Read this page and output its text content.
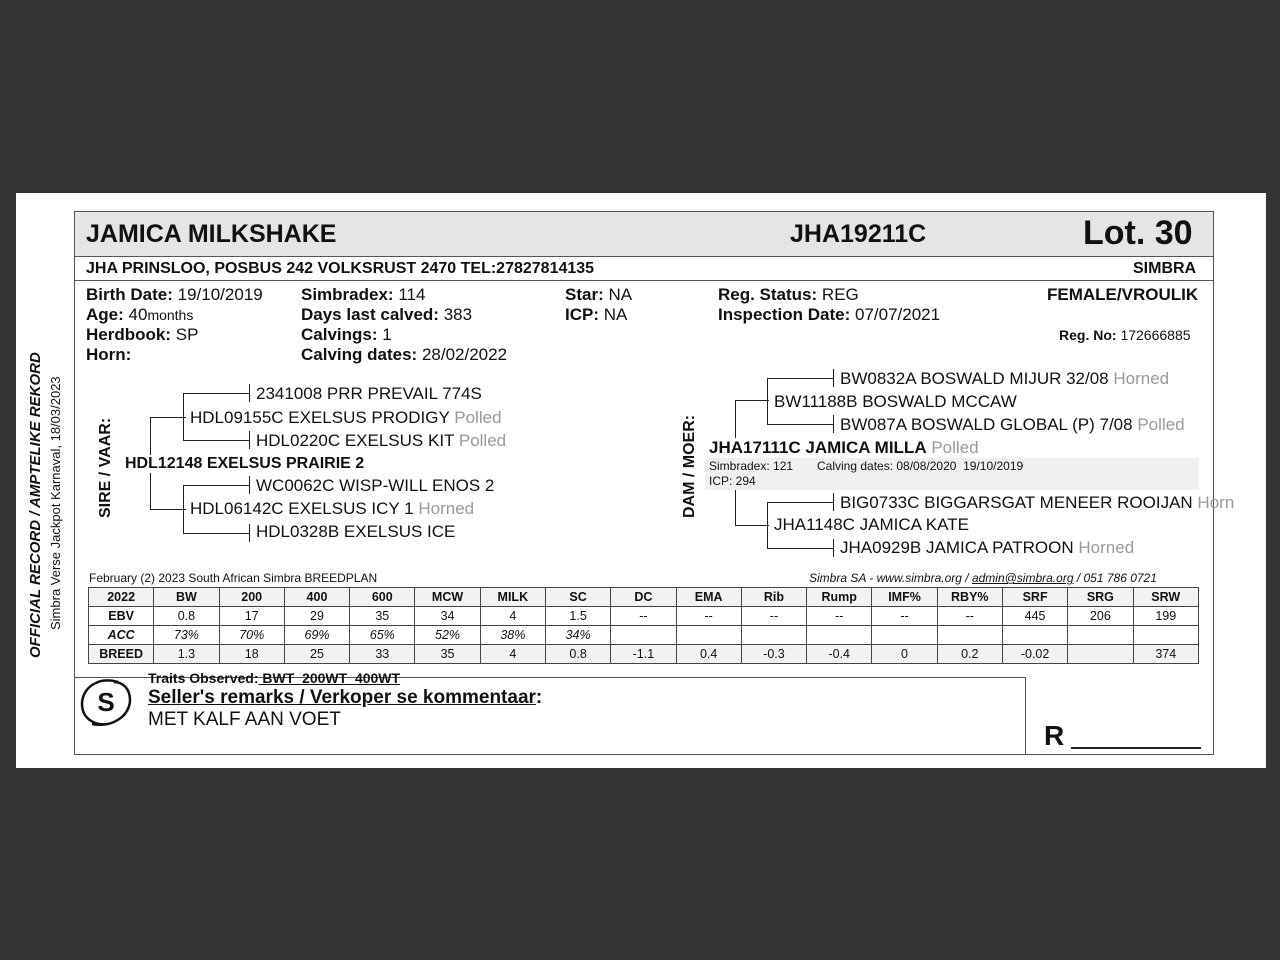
JAMICA MILKSHAKE	JHA19211C	Lot. 30
JHA PRINSLOO, POSBUS 242 VOLKSRUST 2470 TEL:27827814135	SIMBRA
OFFICIAL RECORD / AMPTELIKE REKORD Simbra Verse Jackpot Karnaval, 18/03/2023
Birth Date: 19/10/2019
Age: 40months
Herdbook: SP
Horn:
Simbradex: 114
Days last calved: 383
Calvings: 1
Calving dates: 28/02/2022
Star: NA
ICP: NA
Reg. Status: REG
Inspection Date: 07/07/2021
FEMALE/VROULIK
Reg. No: 172666885
SIRE / VAAR:
2341008 PRR PREVAIL 774S
HDL09155C EXELSUS PRODIGY Polled
HDL0220C EXELSUS KIT Polled
HDL12148 EXELSUS PRAIRIE 2
WC0062C WISP-WILL ENOS 2
HDL06142C EXELSUS ICY 1 Horned
HDL0328B EXELSUS ICE
DAM / MOER:
BW0832A BOSWALD MIJUR 32/08 Horned
BW11188B BOSWALD MCCAW
BW087A BOSWALD GLOBAL (P) 7/08 Polled
JHA17111C JAMICA MILLA Polled
Simbradex: 121 Calving dates: 08/08/2020  19/10/2019
ICP: 294
BIG0733C BIGGARSGAT MENEER ROOIJAN Horn
JHA1148C JAMICA KATE
JHA0929B JAMICA PATROON Horned
February (2) 2023 South African Simbra BREEDPLAN	Simbra SA - www.simbra.org / admin@simbra.org / 051 786 0721
2022	BW	200	400	600	MCW	MILK	SC	DC	EMA	Rib	Rump	IMF%	RBY%	SRF	SRG	SRW
EBV	0.8	17	29	35	34	4	1.5	--	--	--	--	--	--	445	206	199
ACC	73%	70%	69%	65%	52%	38%	34%									
BREED	1.3	18	25	33	35	4	0.8	-1.1	0.4	-0.3	-0.4	0	0.2	-0.02		374
S
Traits Observed: BWT  200WT  400WT
Seller's remarks / Verkoper se kommentaar:
MET KALF AAN VOET
R
